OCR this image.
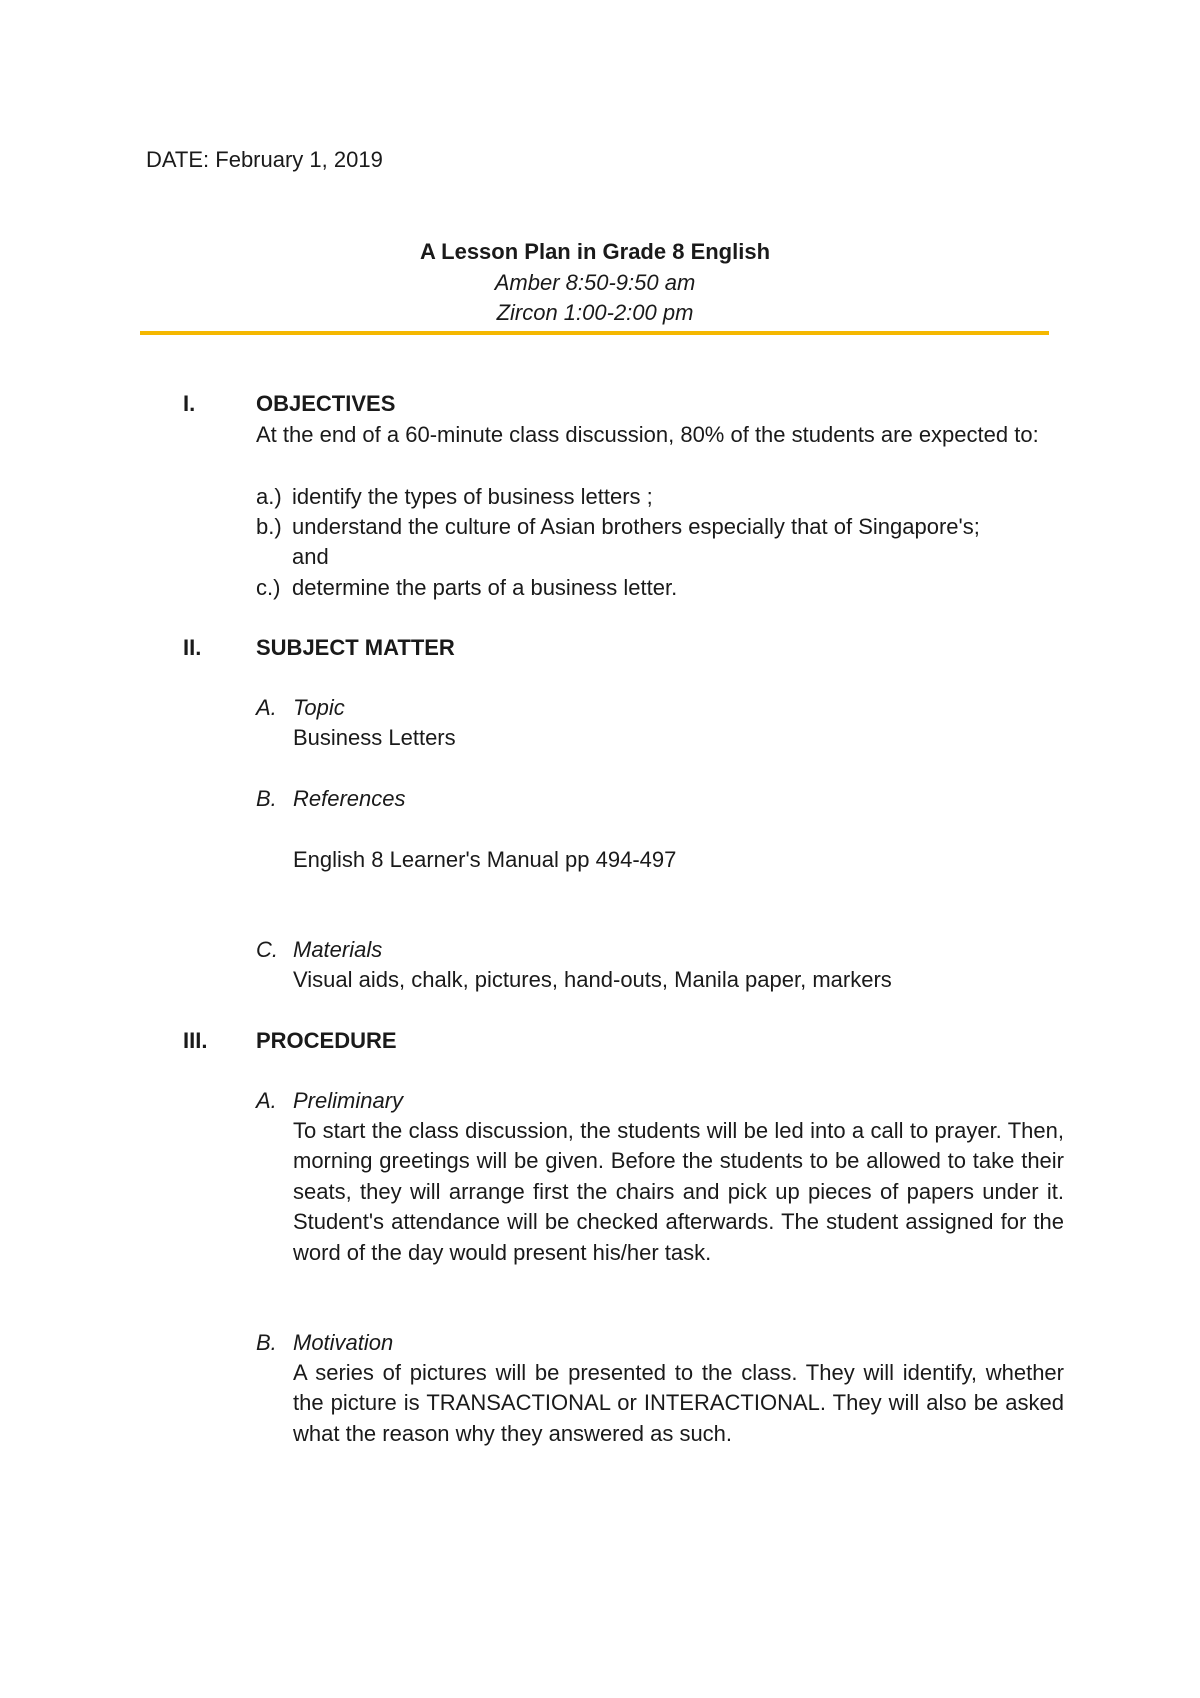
DATE: February 1, 2019
A Lesson Plan in Grade 8 English
Amber 8:50-9:50 am
Zircon 1:00-2:00 pm
I.	OBJECTIVES
At the end of a 60-minute class discussion, 80% of the students are expected to:
a.) identify the types of business letters ;
b.) understand the culture of Asian brothers especially that of Singapore's;
and
c.) determine the parts of a business letter.
II. SUBJECT MATTER
A. Topic
Business Letters
B. References
English 8 Learner's Manual pp 494-497
C. Materials
Visual aids, chalk, pictures, hand-outs, Manila paper, markers
III. PROCEDURE
A. Preliminary
To start the class discussion, the students will be led into a call to prayer. Then, morning greetings will be given. Before the students to be allowed to take their seats, they will arrange first the chairs and pick up pieces of papers under it. Student's attendance will be checked afterwards. The student assigned for the word of the day would present his/her task.
B. Motivation
A series of pictures will be presented to the class. They will identify, whether the picture is TRANSACTIONAL or INTERACTIONAL. They will also be asked what the reason why they answered as such.
